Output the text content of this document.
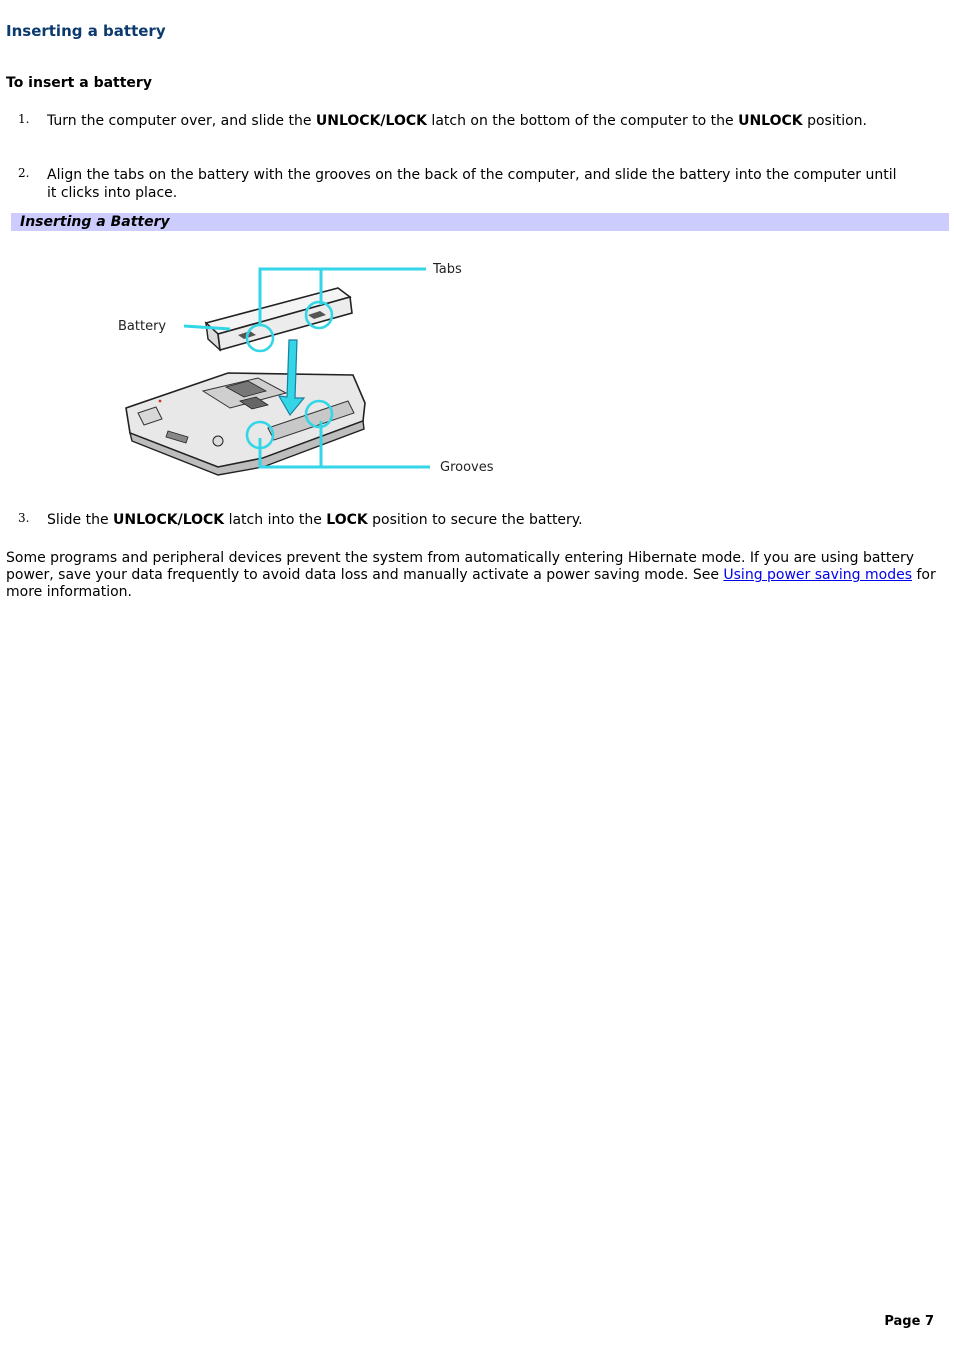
Inserting a battery
To insert a battery
1. Turn the computer over, and slide the UNLOCK/LOCK latch on the bottom of the computer to the UNLOCK position.
2. Align the tabs on the battery with the grooves on the back of the computer, and slide the battery into the computer until it clicks into place.
Inserting a Battery
Tabs
Battery
Grooves
3. Slide the UNLOCK/LOCK latch into the LOCK position to secure the battery.

Some programs and peripheral devices prevent the system from automatically entering Hibernate mode. If you are using battery power, save your data frequently to avoid data loss and manually activate a power saving mode. See Using power saving modes for more information.

Page 7
